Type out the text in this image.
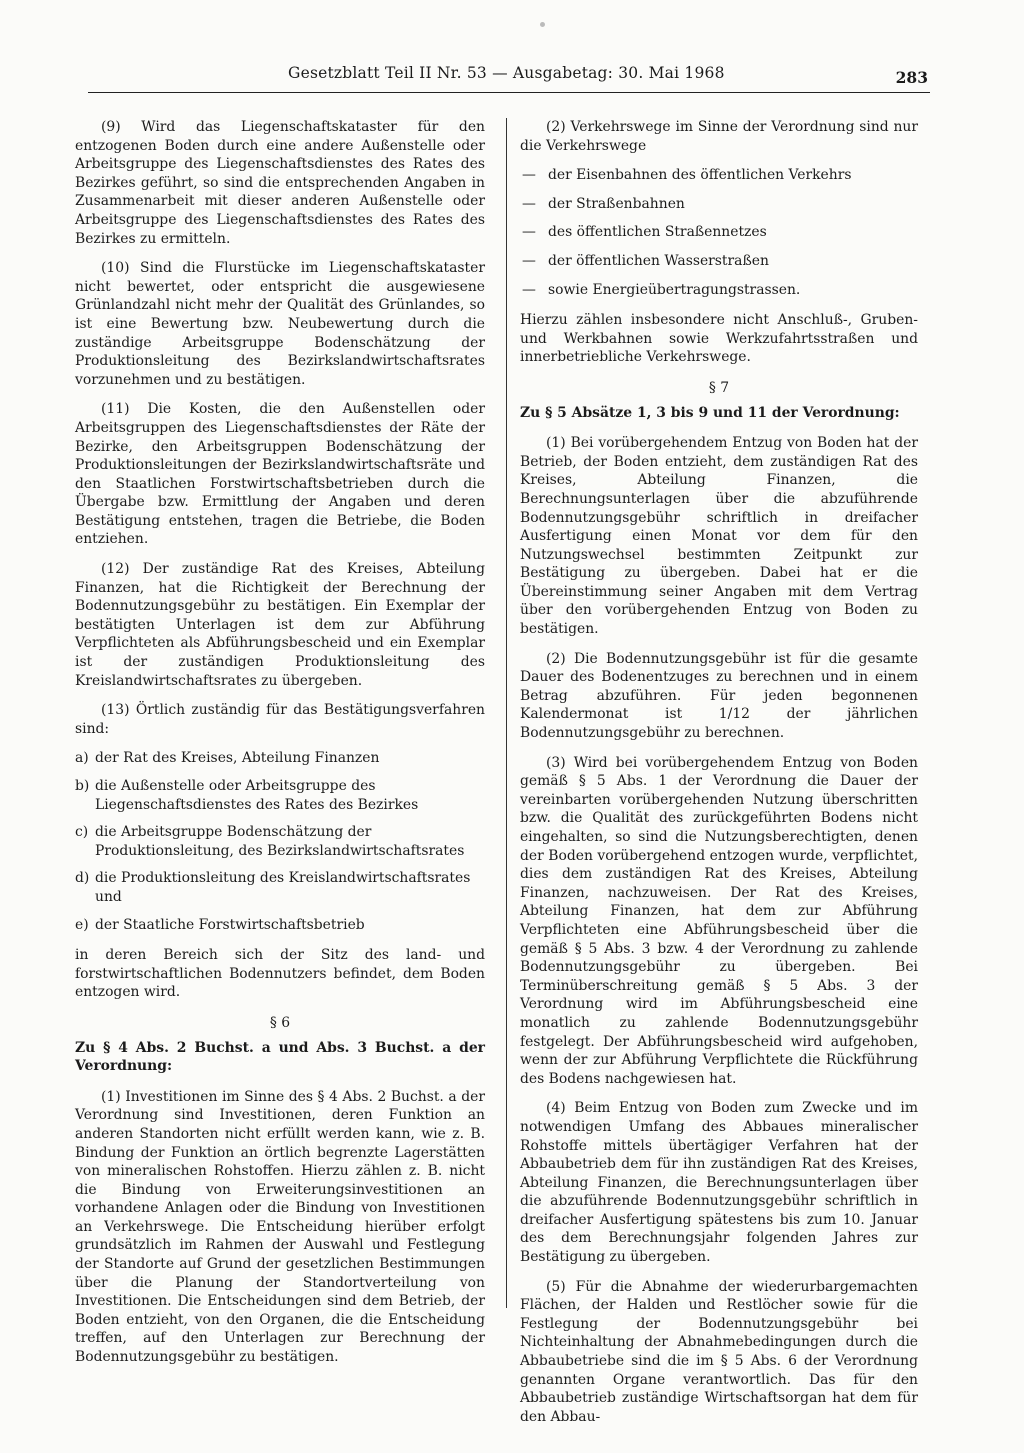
Gesetzblatt Teil II Nr. 53 — Ausgabetag: 30. Mai 1968	283

(9) Wird das Liegenschaftskataster für den entzogenen Boden durch eine andere Außenstelle oder Arbeitsgruppe des Liegenschaftsdienstes des Rates des Bezirkes geführt, so sind die entsprechenden Angaben in Zusammenarbeit mit dieser anderen Außenstelle oder Arbeitsgruppe des Liegenschaftsdienstes des Rates des Bezirkes zu ermitteln.

(10) Sind die Flurstücke im Liegenschaftskataster nicht bewertet, oder entspricht die ausgewiesene Grünlandzahl nicht mehr der Qualität des Grünlandes, so ist eine Bewertung bzw. Neubewertung durch die zuständige Arbeitsgruppe Bodenschätzung der Produktionsleitung des Bezirkslandwirtschaftsrates vorzunehmen und zu bestätigen.

(11) Die Kosten, die den Außenstellen oder Arbeitsgruppen des Liegenschaftsdienstes der Räte der Bezirke, den Arbeitsgruppen Bodenschätzung der Produktionsleitungen der Bezirkslandwirtschaftsräte und den Staatlichen Forstwirtschaftsbetrieben durch die Übergabe bzw. Ermittlung der Angaben und deren Bestätigung entstehen, tragen die Betriebe, die Boden entziehen.

(12) Der zuständige Rat des Kreises, Abteilung Finanzen, hat die Richtigkeit der Berechnung der Bodennutzungsgebühr zu bestätigen. Ein Exemplar der bestätigten Unterlagen ist dem zur Abführung Verpflichteten als Abführungsbescheid und ein Exemplar ist der zuständigen Produktionsleitung des Kreislandwirtschaftsrates zu übergeben.

(13) Örtlich zuständig für das Bestätigungsverfahren sind:

a) der Rat des Kreises, Abteilung Finanzen
b) die Außenstelle oder Arbeitsgruppe des Liegenschaftsdienstes des Rates des Bezirkes
c) die Arbeitsgruppe Bodenschätzung der Produktionsleitung, des Bezirkslandwirtschaftsrates
d) die Produktionsleitung des Kreislandwirtschaftsrates und
e) der Staatliche Forstwirtschaftsbetrieb

in deren Bereich sich der Sitz des land- und forstwirtschaftlichen Bodennutzers befindet, dem Boden entzogen wird.

§ 6

Zu § 4 Abs. 2 Buchst. a und Abs. 3 Buchst. a der Verordnung:

(1) Investitionen im Sinne des § 4 Abs. 2 Buchst. a der Verordnung sind Investitionen, deren Funktion an anderen Standorten nicht erfüllt werden kann, wie z. B. Bindung der Funktion an örtlich begrenzte Lagerstätten von mineralischen Rohstoffen. Hierzu zählen z. B. nicht die Bindung von Erweiterungsinvestitionen an vorhandene Anlagen oder die Bindung von Investitionen an Verkehrswege. Die Entscheidung hierüber erfolgt grundsätzlich im Rahmen der Auswahl und Festlegung der Standorte auf Grund der gesetzlichen Bestimmungen über die Planung der Standortverteilung von Investitionen. Die Entscheidungen sind dem Betrieb, der Boden entzieht, von den Organen, die die Entscheidung treffen, auf den Unterlagen zur Berechnung der Bodennutzungsgebühr zu bestätigen.

(2) Verkehrswege im Sinne der Verordnung sind nur die Verkehrswege

— der Eisenbahnen des öffentlichen Verkehrs
— der Straßenbahnen
— des öffentlichen Straßennetzes
— der öffentlichen Wasserstraßen
— sowie Energieübertragungstrassen.

Hierzu zählen insbesondere nicht Anschluß-, Gruben- und Werkbahnen sowie Werkzufahrtsstraßen und innerbetriebliche Verkehrswege.

§ 7

Zu § 5 Absätze 1, 3 bis 9 und 11 der Verordnung:

(1) Bei vorübergehendem Entzug von Boden hat der Betrieb, der Boden entzieht, dem zuständigen Rat des Kreises, Abteilung Finanzen, die Berechnungsunterlagen über die abzuführende Bodennutzungsgebühr schriftlich in dreifacher Ausfertigung einen Monat vor dem für den Nutzungswechsel bestimmten Zeitpunkt zur Bestätigung zu übergeben. Dabei hat er die Übereinstimmung seiner Angaben mit dem Vertrag über den vorübergehenden Entzug von Boden zu bestätigen.

(2) Die Bodennutzungsgebühr ist für die gesamte Dauer des Bodenentzuges zu berechnen und in einem Betrag abzuführen. Für jeden begonnenen Kalendermonat ist 1/12 der jährlichen Bodennutzungsgebühr zu berechnen.

(3) Wird bei vorübergehendem Entzug von Boden gemäß § 5 Abs. 1 der Verordnung die Dauer der vereinbarten vorübergehenden Nutzung überschritten bzw. die Qualität des zurückgeführten Bodens nicht eingehalten, so sind die Nutzungsberechtigten, denen der Boden vorübergehend entzogen wurde, verpflichtet, dies dem zuständigen Rat des Kreises, Abteilung Finanzen, nachzuweisen. Der Rat des Kreises, Abteilung Finanzen, hat dem zur Abführung Verpflichteten eine Abführungsbescheid über die gemäß § 5 Abs. 3 bzw. 4 der Verordnung zu zahlende Bodennutzungsgebühr zu übergeben. Bei Terminüberschreitung gemäß § 5 Abs. 3 der Verordnung wird im Abführungsbescheid eine monatlich zu zahlende Bodennutzungsgebühr festgelegt. Der Abführungsbescheid wird aufgehoben, wenn der zur Abführung Verpflichtete die Rückführung des Bodens nachgewiesen hat.

(4) Beim Entzug von Boden zum Zwecke und im notwendigen Umfang des Abbaues mineralischer Rohstoffe mittels übertägiger Verfahren hat der Abbaubetrieb dem für ihn zuständigen Rat des Kreises, Abteilung Finanzen, die Berechnungsunterlagen über die abzuführende Bodennutzungsgebühr schriftlich in dreifacher Ausfertigung spätestens bis zum 10. Januar des dem Berechnungsjahr folgenden Jahres zur Bestätigung zu übergeben.

(5) Für die Abnahme der wiederurbargemachten Flächen, der Halden und Restlöcher sowie für die Festlegung der Bodennutzungsgebühr bei Nichteinhaltung der Abnahmebedingungen durch die Abbaubetriebe sind die im § 5 Abs. 6 der Verordnung genannten Organe verantwortlich. Das für den Abbaubetrieb zuständige Wirtschaftsorgan hat dem für den Abbau-
